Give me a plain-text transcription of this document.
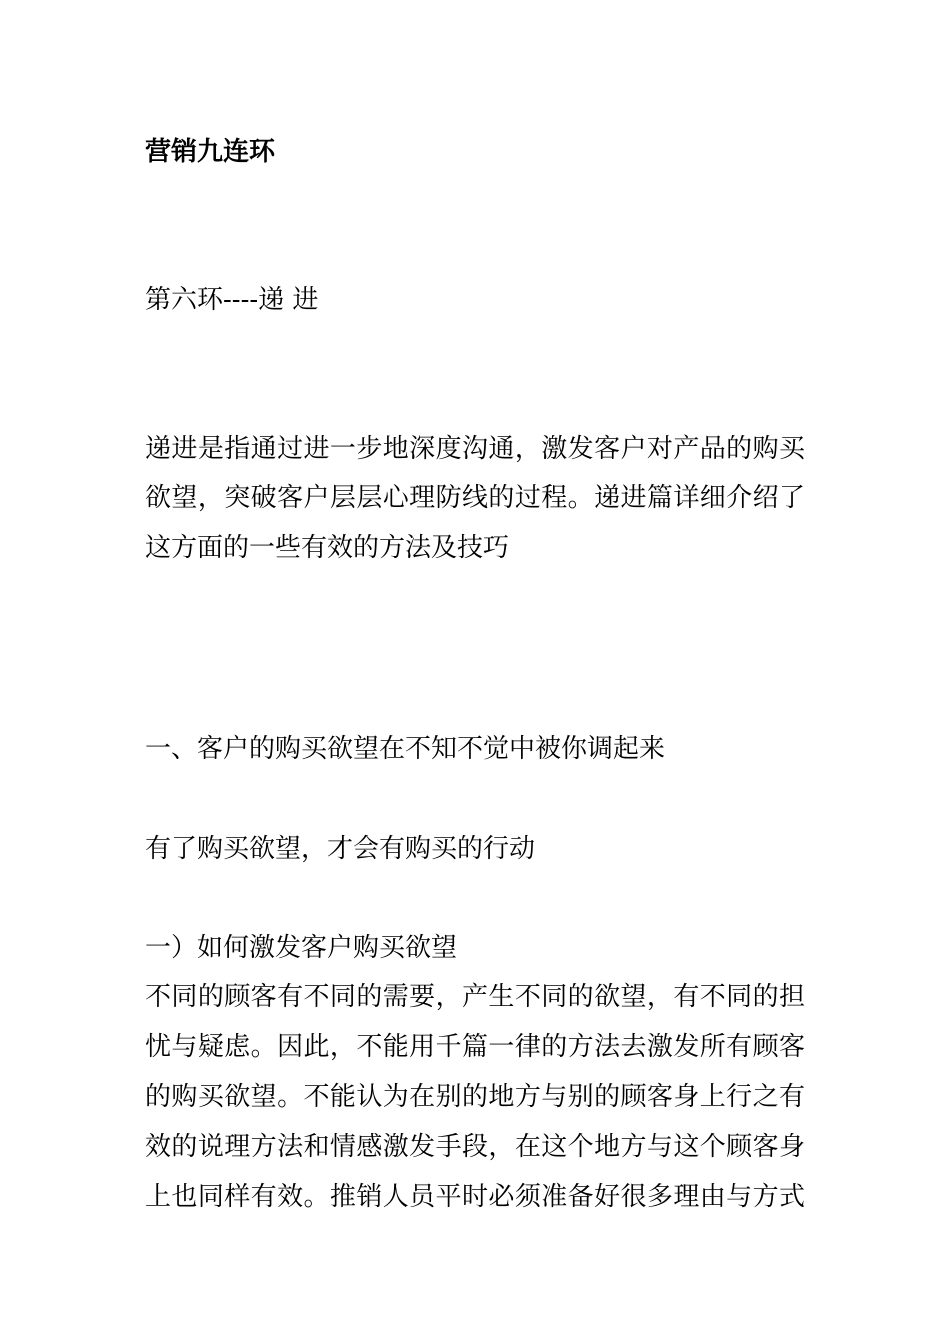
营销九连环
第六环----递 进
递进是指通过进一步地深度沟通，激发客户对产品的购买
欲望，突破客户层层心理防线的过程。递进篇详细介绍了
这方面的一些有效的方法及技巧
一、客户的购买欲望在不知不觉中被你调起来
有了购买欲望，才会有购买的行动
一）如何激发客户购买欲望
不同的顾客有不同的需要，产生不同的欲望，有不同的担
忧与疑虑。因此，不能用千篇一律的方法去激发所有顾客
的购买欲望。不能认为在别的地方与别的顾客身上行之有
效的说理方法和情感激发手段，在这个地方与这个顾客身
上也同样有效。推销人员平时必须准备好很多理由与方式
